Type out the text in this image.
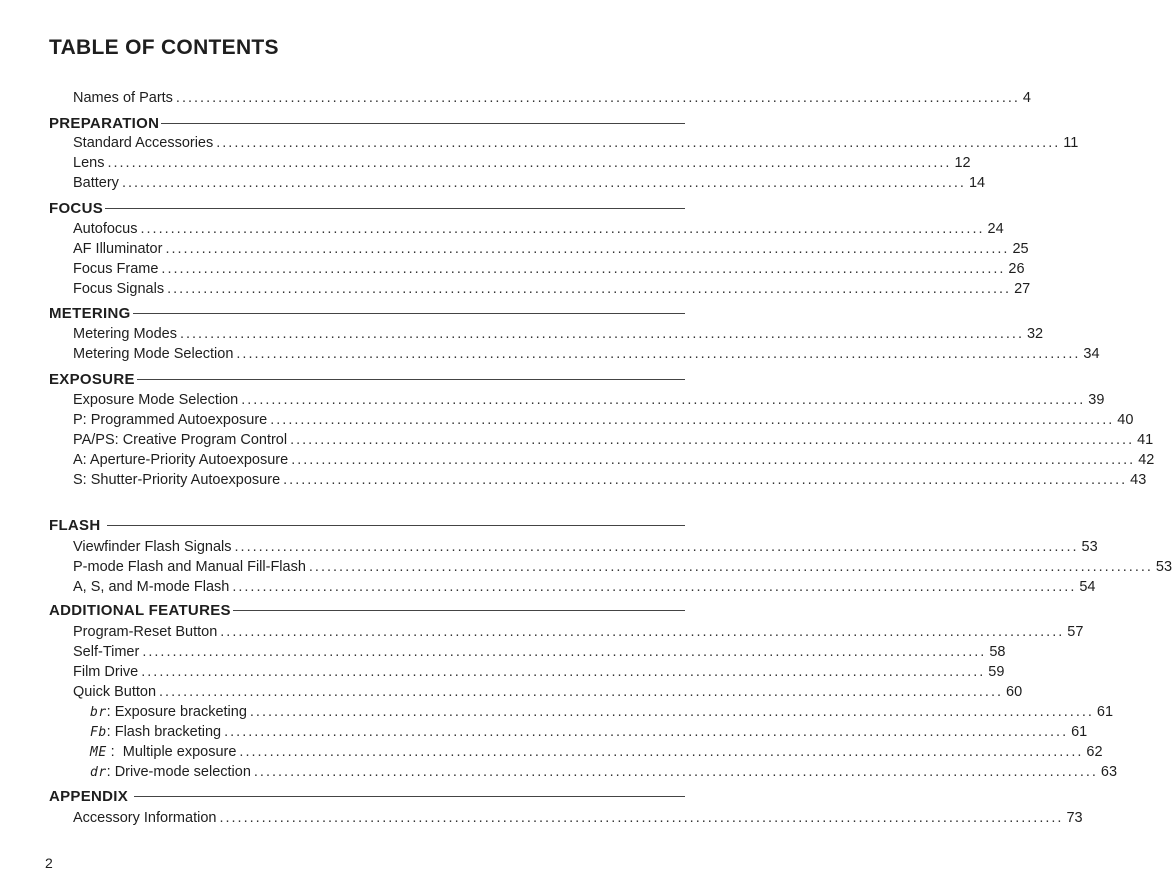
TABLE OF CONTENTS
Names of Parts ............................................................................................................................................ 4
PREPARATION
Standard Accessories ............................................................................................................................................ 11
Lens ............................................................................................................................................ 12
Battery ............................................................................................................................................ 14
FOCUS
Autofocus ............................................................................................................................................ 24
AF Illuminator ............................................................................................................................................ 25
Focus Frame ............................................................................................................................................ 26
Focus Signals ............................................................................................................................................ 27
METERING
Metering Modes ............................................................................................................................................ 32
Metering Mode Selection ............................................................................................................................................ 34
EXPOSURE
Exposure Mode Selection ............................................................................................................................................ 39
P: Programmed Autoexposure ............................................................................................................................................ 40
PA/PS: Creative Program Control ............................................................................................................................................ 41
A: Aperture-Priority Autoexposure ............................................................................................................................................ 42
S: Shutter-Priority Autoexposure ............................................................................................................................................ 43
FLASH
Viewfinder Flash Signals ............................................................................................................................................ 53
P-mode Flash and Manual Fill-Flash ............................................................................................................................................ 53
A, S, and M-mode Flash ............................................................................................................................................ 54
ADDITIONAL FEATURES
Program-Reset Button ............................................................................................................................................ 57
Self-Timer ............................................................................................................................................ 58
Film Drive ............................................................................................................................................ 59
Quick Button ............................................................................................................................................ 60
br: Exposure bracketing ............................................................................................................................................ 61
Fb: Flash bracketing ............................................................................................................................................ 61
ME :  Multiple exposure ............................................................................................................................................ 62
dr: Drive-mode selection ............................................................................................................................................ 63
APPENDIX
Accessory Information ............................................................................................................................................ 73
2
